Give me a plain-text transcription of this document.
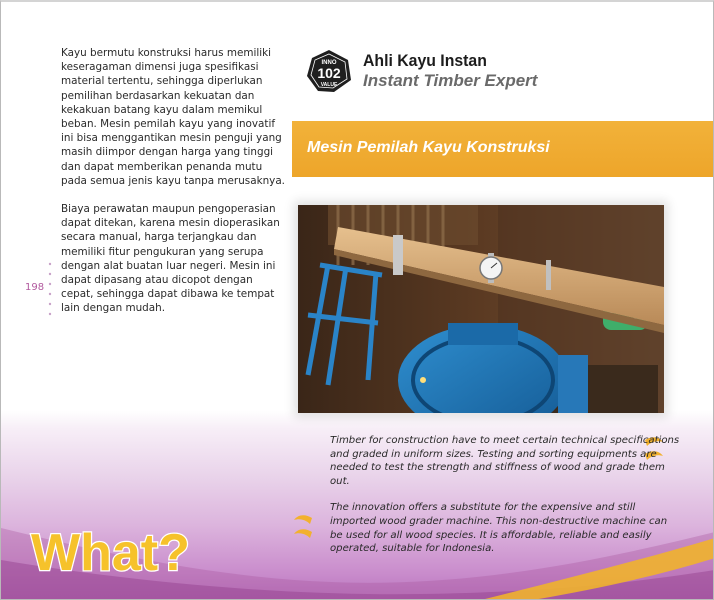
Kayu bermutu konstruksi harus memiliki keseragaman dimensi juga spesifikasi material tertentu, sehingga diperlukan pemilihan berdasarkan kekuatan dan kekakuan batang kayu dalam memikul beban. Mesin pemilah kayu yang inovatif ini bisa menggantikan mesin penguji yang masih diimpor dengan harga yang tinggi dan dapat memberikan penanda mutu pada semua jenis kayu tanpa merusaknya.

Biaya perawatan maupun pengoperasian dapat ditekan, karena mesin dioperasikan secara manual, harga terjangkau dan memiliki fitur pengukuran yang serupa dengan alat buatan luar negeri. Mesin ini dapat dipasang atau dicopot dengan cepat, sehingga dapat dibawa ke tempat lain dengan mudah.

198
INNO
102
VALUE
Ahli Kayu Instan
Instant Timber Expert
Mesin Pemilah Kayu Konstruksi

Timber for construction have to meet certain technical specifications and graded in uniform sizes. Testing and sorting equipments are needed to test the strength and stiffness of wood and grade them out.

The innovation offers a substitute for the expensive and still imported wood grader machine. This non-destructive machine can be used for all wood species. It is affordable, reliable and easily operated, suitable for Indonesia.

What?
